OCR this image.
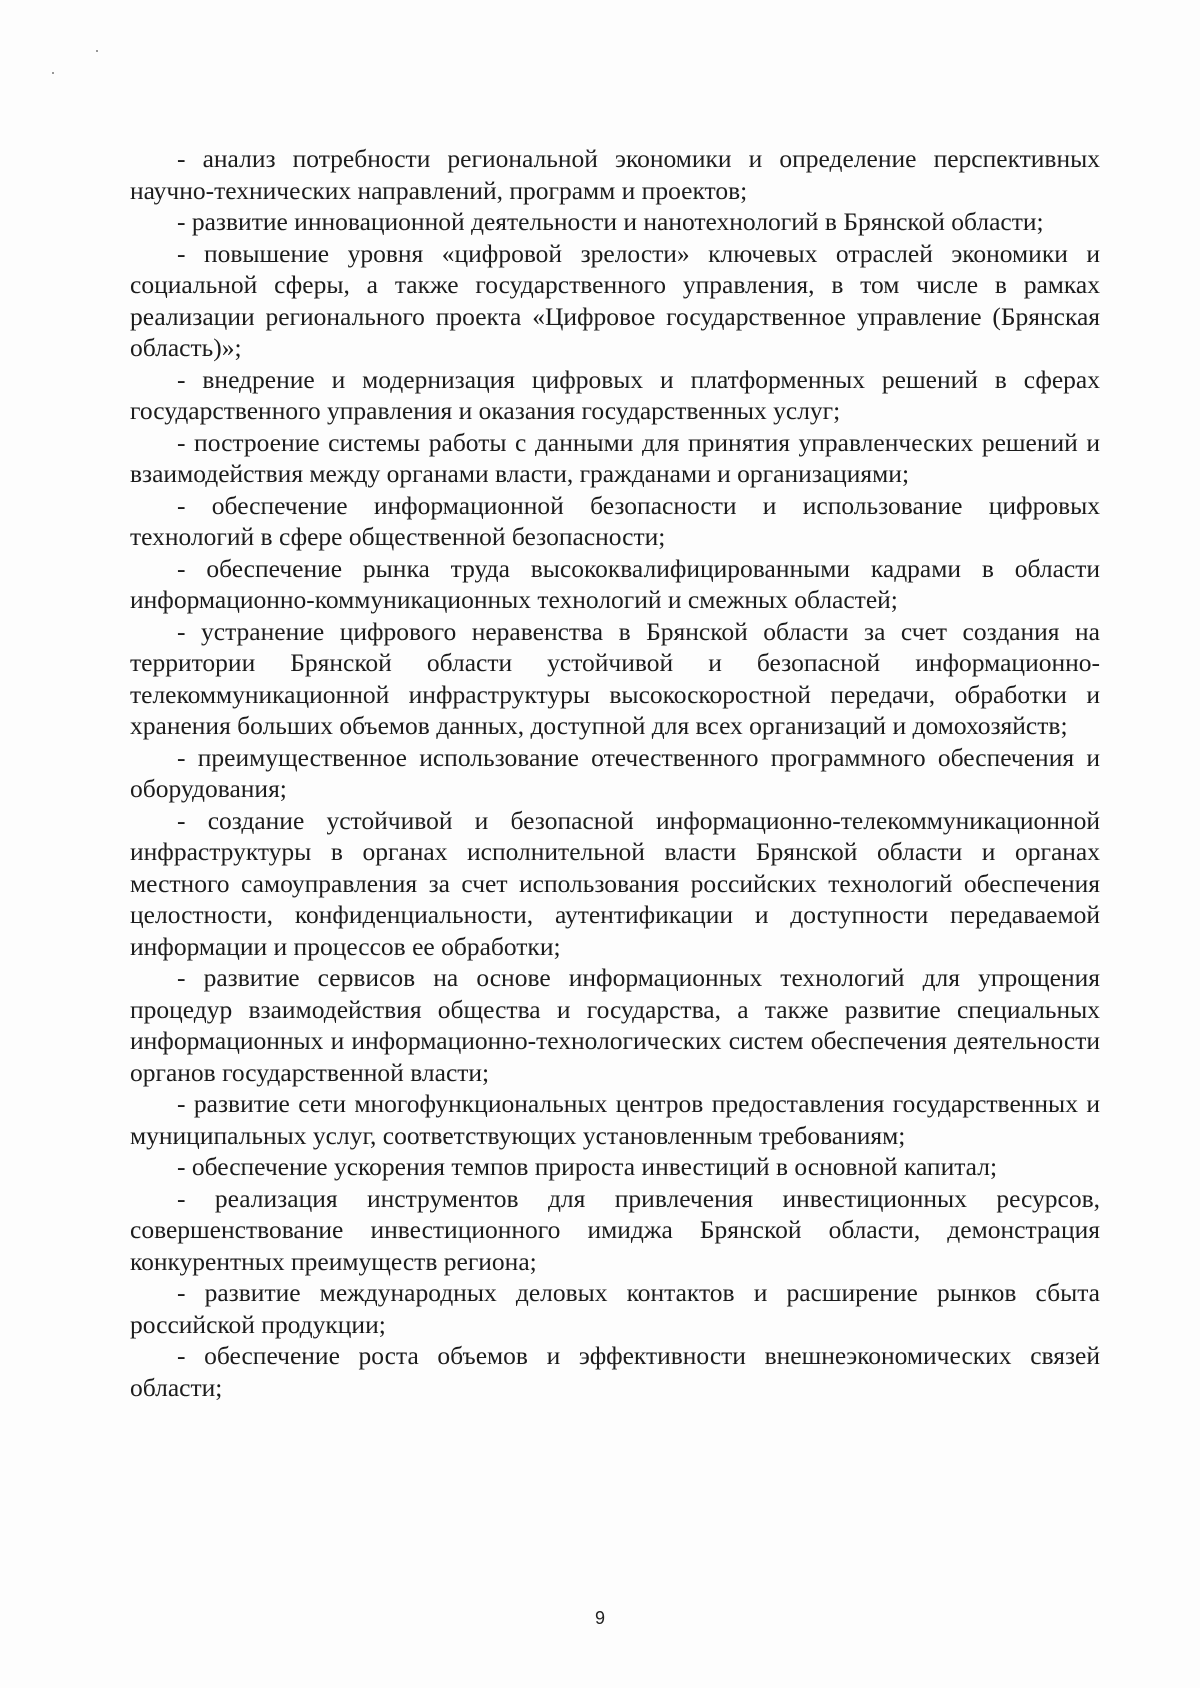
- анализ потребности региональной экономики и определение перспективных научно-технических направлений, программ и проектов;

- развитие инновационной деятельности и нанотехнологий в Брянской области;

- повышение уровня «цифровой зрелости» ключевых отраслей экономики и социальной сферы, а также государственного управления, в том числе в рамках реализации регионального проекта «Цифровое государственное управление (Брянская область)»;

- внедрение и модернизация цифровых и платформенных решений в сферах государственного управления и оказания государственных услуг;

- построение системы работы с данными для принятия управленческих решений и взаимодействия между органами власти, гражданами и организациями;

- обеспечение информационной безопасности и использование цифровых технологий в сфере общественной безопасности;

- обеспечение рынка труда высококвалифицированными кадрами в области информационно-коммуникационных технологий и смежных областей;

- устранение цифрового неравенства в Брянской области за счет создания на территории Брянской области устойчивой и безопасной информационно-телекоммуникационной инфраструктуры высокоскоростной передачи, обработки и хранения больших объемов данных, доступной для всех организаций и домохозяйств;

- преимущественное использование отечественного программного обеспечения и оборудования;

- создание устойчивой и безопасной информационно-телекоммуникационной инфраструктуры в органах исполнительной власти Брянской области и органах местного самоуправления за счет использования российских технологий обеспечения целостности, конфиденциальности, аутентификации и доступности передаваемой информации и процессов ее обработки;

- развитие сервисов на основе информационных технологий для упрощения процедур взаимодействия общества и государства, а также развитие специальных информационных и информационно-технологических систем обеспечения деятельности органов государственной власти;

- развитие сети многофункциональных центров предоставления государственных и муниципальных услуг, соответствующих установленным требованиям;

- обеспечение ускорения темпов прироста инвестиций в основной капитал;

- реализация инструментов для привлечения инвестиционных ресурсов, совершенствование инвестиционного имиджа Брянской области, демонстрация конкурентных преимуществ региона;

- развитие международных деловых контактов и расширение рынков сбыта российской продукции;

- обеспечение роста объемов и эффективности внешнеэкономических связей области;

9
